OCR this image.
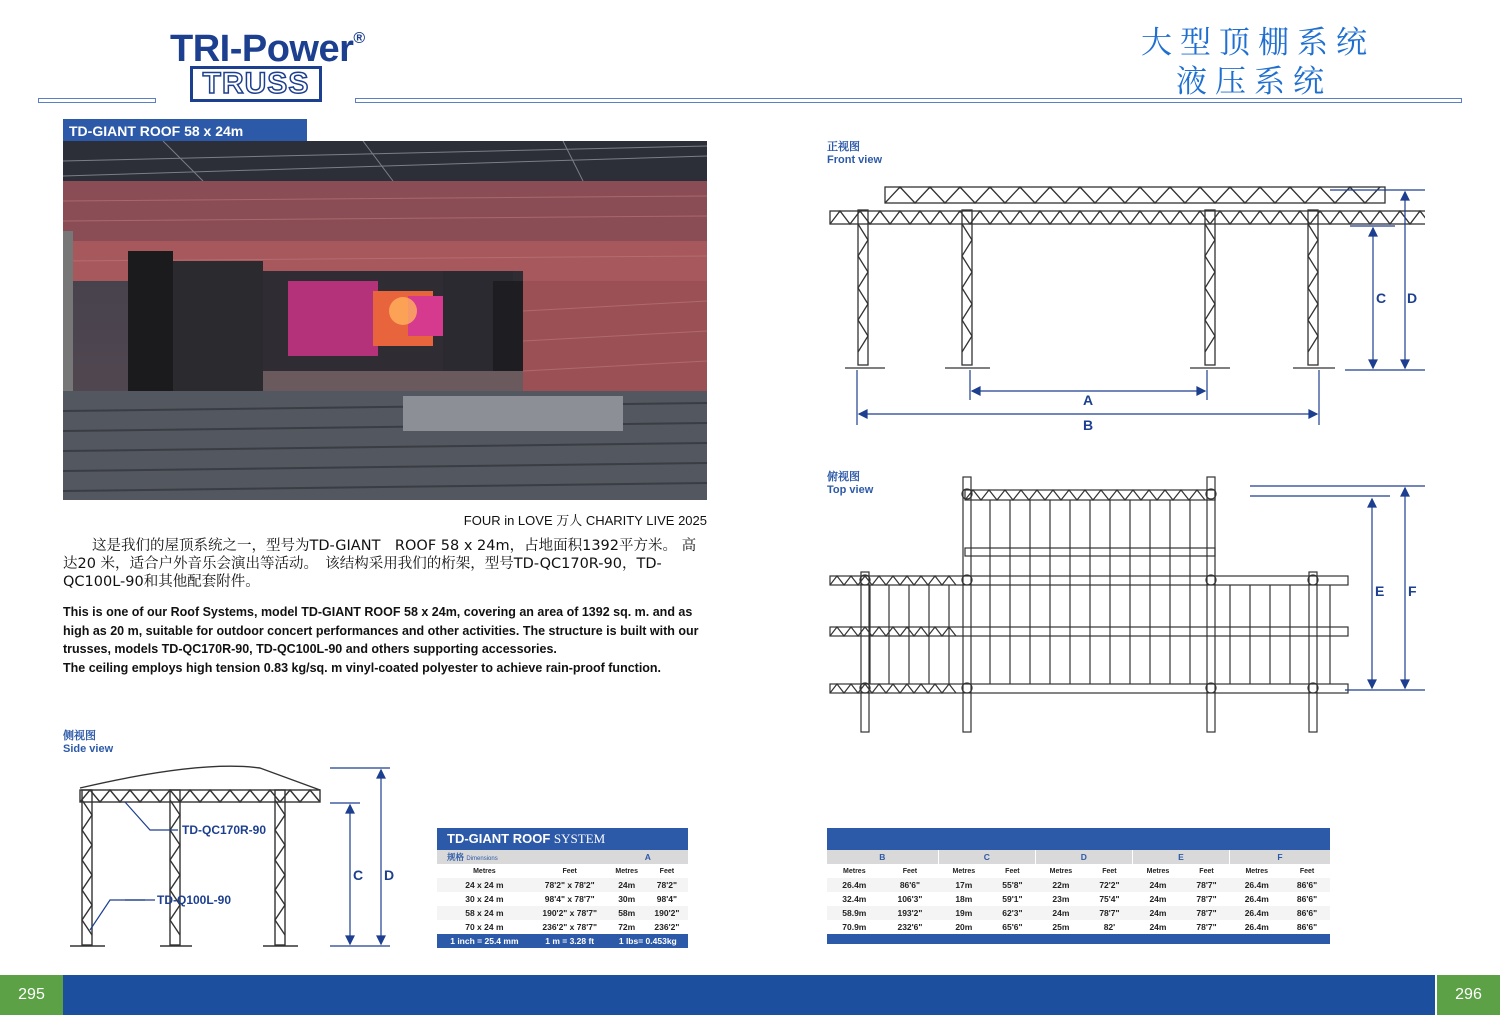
TRI-Power®
TRUSS
大型顶棚系统
液压系统
TD-GIANT ROOF 58 x 24m
FOUR in LOVE 万人 CHARITY LIVE 2025
这是我们的屋顶系统之一，型号为TD-GIANT　ROOF 58 x 24m，占地面积1392平方米。 高达20 米，适合户外音乐会演出等活动。　该结构采用我们的桁架，型号TD-QC170R-90，TD-QC100L-90和其他配套附件。
This is one of our Roof Systems, model TD-GIANT ROOF 58 x 24m, covering an area of 1392 sq. m. and as high as 20 m, suitable for outdoor concert performances and other activities. The structure is built with our trusses, models TD-QC170R-90, TD-QC100L-90 and others supporting accessories.
The ceiling employs high tension 0.83 kg/sq. m vinyl-coated polyester to achieve rain-proof function.
侧视图
Side view
TD-QC170R-90
TD-Q100L-90
C D
TD-GIANT ROOF SYSTEM
规格 Dimensions		A	
Metres	Feet	Metres	Feet
24 x 24 m	78'2" x 78'2"	24m	78'2"
30 x 24 m	98'4" x 78'7"	30m	98'4"
58 x 24 m	190'2" x 78'7"	58m	190'2"
70 x 24 m	236'2" x 78'7"	72m	236'2"
1 inch = 25.4 mm	1 m = 3.28 ft	1 lbs= 0.453kg	
正视图
Front view
A
B
C D
俯视图
Top view
E F
B		C		D		E		F	
Metres	Feet	Metres	Feet	Metres	Feet	Metres	Feet	Metres	Feet
26.4m	86'6"	17m	55'8"	22m	72'2"	24m	78'7"	26.4m	86'6"
32.4m	106'3"	18m	59'1"	23m	75'4"	24m	78'7"	26.4m	86'6"
58.9m	193'2"	19m	62'3"	24m	78'7"	24m	78'7"	26.4m	86'6"
70.9m	232'6"	20m	65'6"	25m	82'	24m	78'7"	26.4m	86'6"
295	296
